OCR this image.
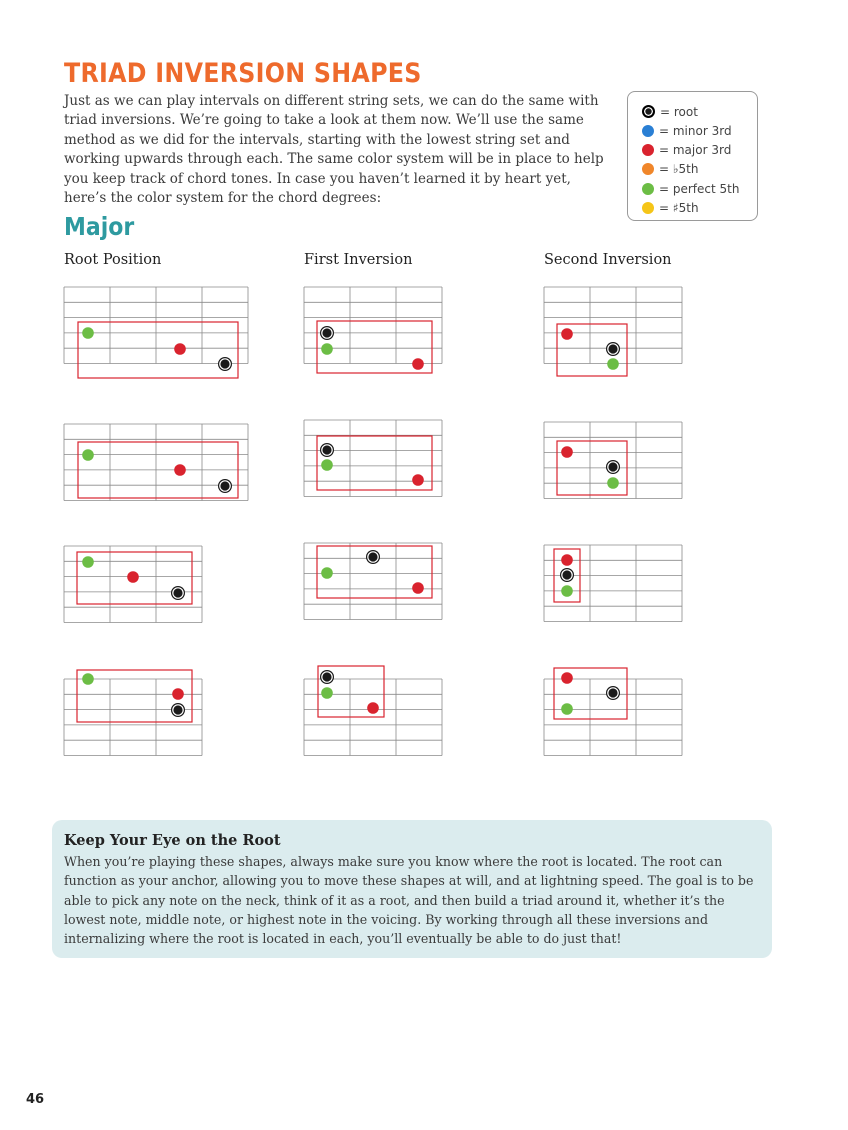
TRIAD INVERSION SHAPES

Just as we can play intervals on different string sets, we can do the same with triad inversions. We’re going to take a look at them now. We’ll use the same method as we did for the intervals, starting with the lowest string set and working upwards through each. The same color system will be in place to help you keep track of chord tones. In case you haven’t learned it by heart yet, here’s the color system for the chord degrees:

= root
= minor 3rd
= major 3rd
= ♭5th
= perfect 5th
= ♯5th
Major
Root Position	First Inversion	Second Inversion
Keep Your Eye on the Root

When you’re playing these shapes, always make sure you know where the root is located. The root can function as your anchor, allowing you to move these shapes at will, and at lightning speed. The goal is to be able to pick any note on the neck, think of it as a root, and then build a triad around it, whether it’s the lowest note, middle note, or highest note in the voicing. By working through all these inversions and internalizing where the root is located in each, you’ll eventually be able to do just that!

46
